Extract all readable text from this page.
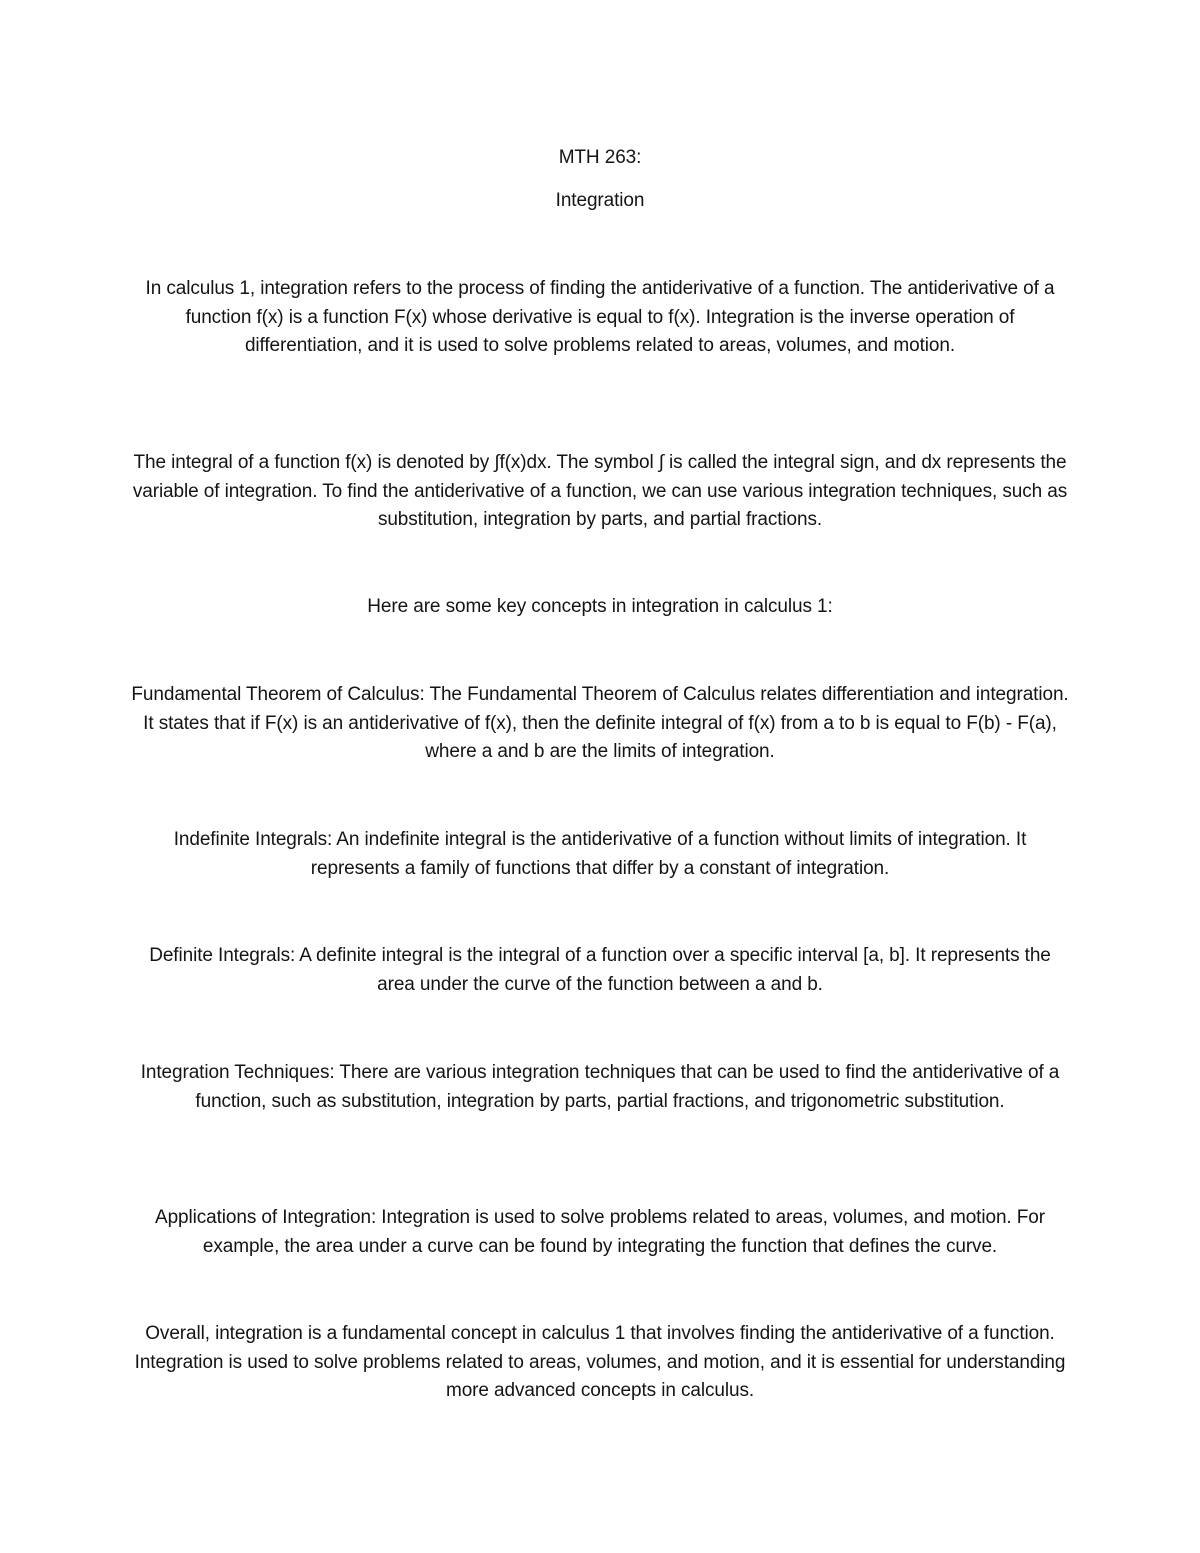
MTH 263:

Integration

In calculus 1, integration refers to the process of finding the antiderivative of a function. The antiderivative of a function f(x) is a function F(x) whose derivative is equal to f(x). Integration is the inverse operation of differentiation, and it is used to solve problems related to areas, volumes, and motion.

The integral of a function f(x) is denoted by ∫f(x)dx. The symbol ∫ is called the integral sign, and dx represents the variable of integration. To find the antiderivative of a function, we can use various integration techniques, such as substitution, integration by parts, and partial fractions.

Here are some key concepts in integration in calculus 1:

Fundamental Theorem of Calculus: The Fundamental Theorem of Calculus relates differentiation and integration. It states that if F(x) is an antiderivative of f(x), then the definite integral of f(x) from a to b is equal to F(b) - F(a), where a and b are the limits of integration.

Indefinite Integrals: An indefinite integral is the antiderivative of a function without limits of integration. It represents a family of functions that differ by a constant of integration.

Definite Integrals: A definite integral is the integral of a function over a specific interval [a, b]. It represents the area under the curve of the function between a and b.

Integration Techniques: There are various integration techniques that can be used to find the antiderivative of a function, such as substitution, integration by parts, partial fractions, and trigonometric substitution.

Applications of Integration: Integration is used to solve problems related to areas, volumes, and motion. For example, the area under a curve can be found by integrating the function that defines the curve.

Overall, integration is a fundamental concept in calculus 1 that involves finding the antiderivative of a function. Integration is used to solve problems related to areas, volumes, and motion, and it is essential for understanding more advanced concepts in calculus.
